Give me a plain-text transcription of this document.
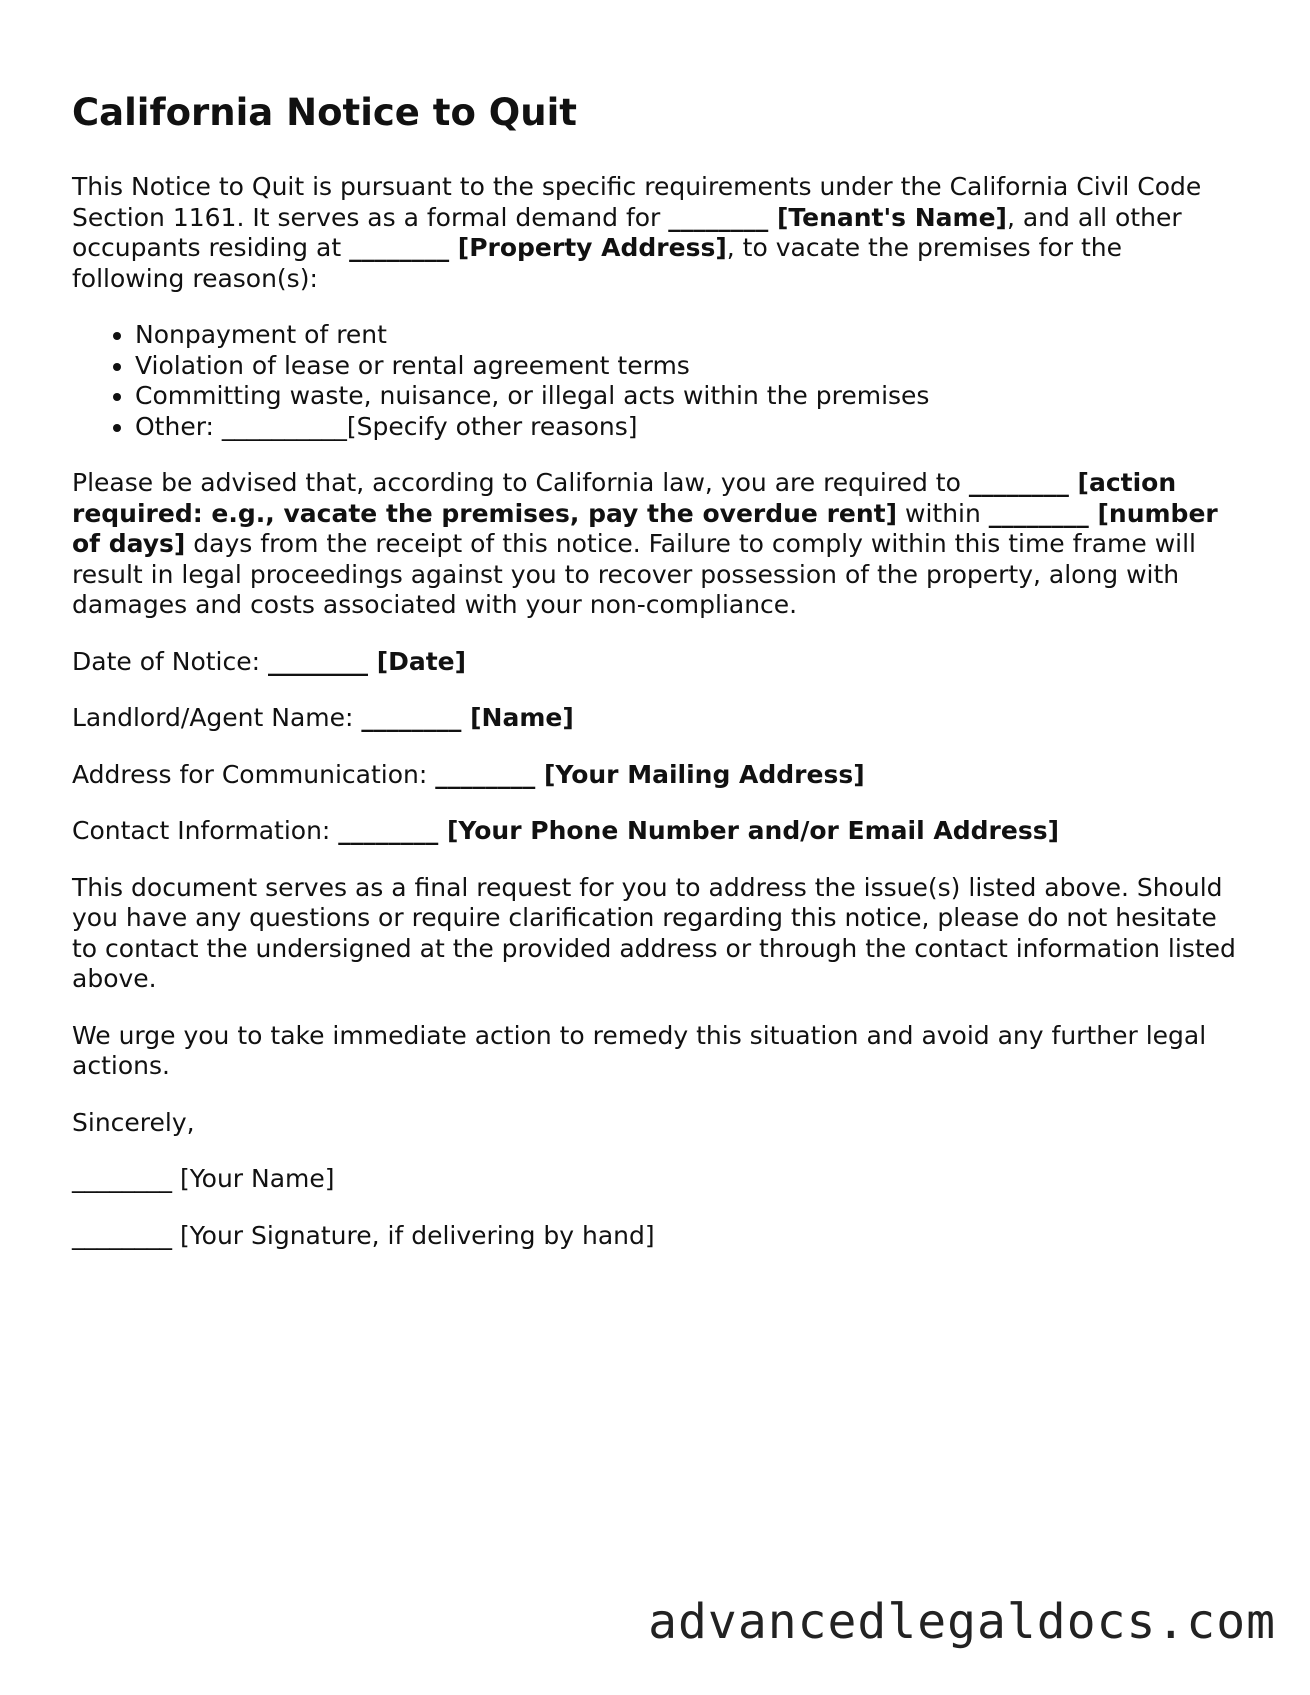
California Notice to Quit

This Notice to Quit is pursuant to the specific requirements under the California Civil Code Section 1161. It serves as a formal demand for ________ [Tenant's Name], and all other occupants residing at ________ [Property Address], to vacate the premises for the following reason(s):

• Nonpayment of rent
• Violation of lease or rental agreement terms
• Committing waste, nuisance, or illegal acts within the premises
• Other: __________[Specify other reasons]

Please be advised that, according to California law, you are required to ________ [action required: e.g., vacate the premises, pay the overdue rent] within ________ [number of days] days from the receipt of this notice. Failure to comply within this time frame will result in legal proceedings against you to recover possession of the property, along with damages and costs associated with your non-compliance.

Date of Notice: ________ [Date]

Landlord/Agent Name: ________ [Name]

Address for Communication: ________ [Your Mailing Address]

Contact Information: ________ [Your Phone Number and/or Email Address]

This document serves as a final request for you to address the issue(s) listed above. Should you have any questions or require clarification regarding this notice, please do not hesitate to contact the undersigned at the provided address or through the contact information listed above.

We urge you to take immediate action to remedy this situation and avoid any further legal actions.

Sincerely,

________ [Your Name]

________ [Your Signature, if delivering by hand]

advancedlegaldocs.com
